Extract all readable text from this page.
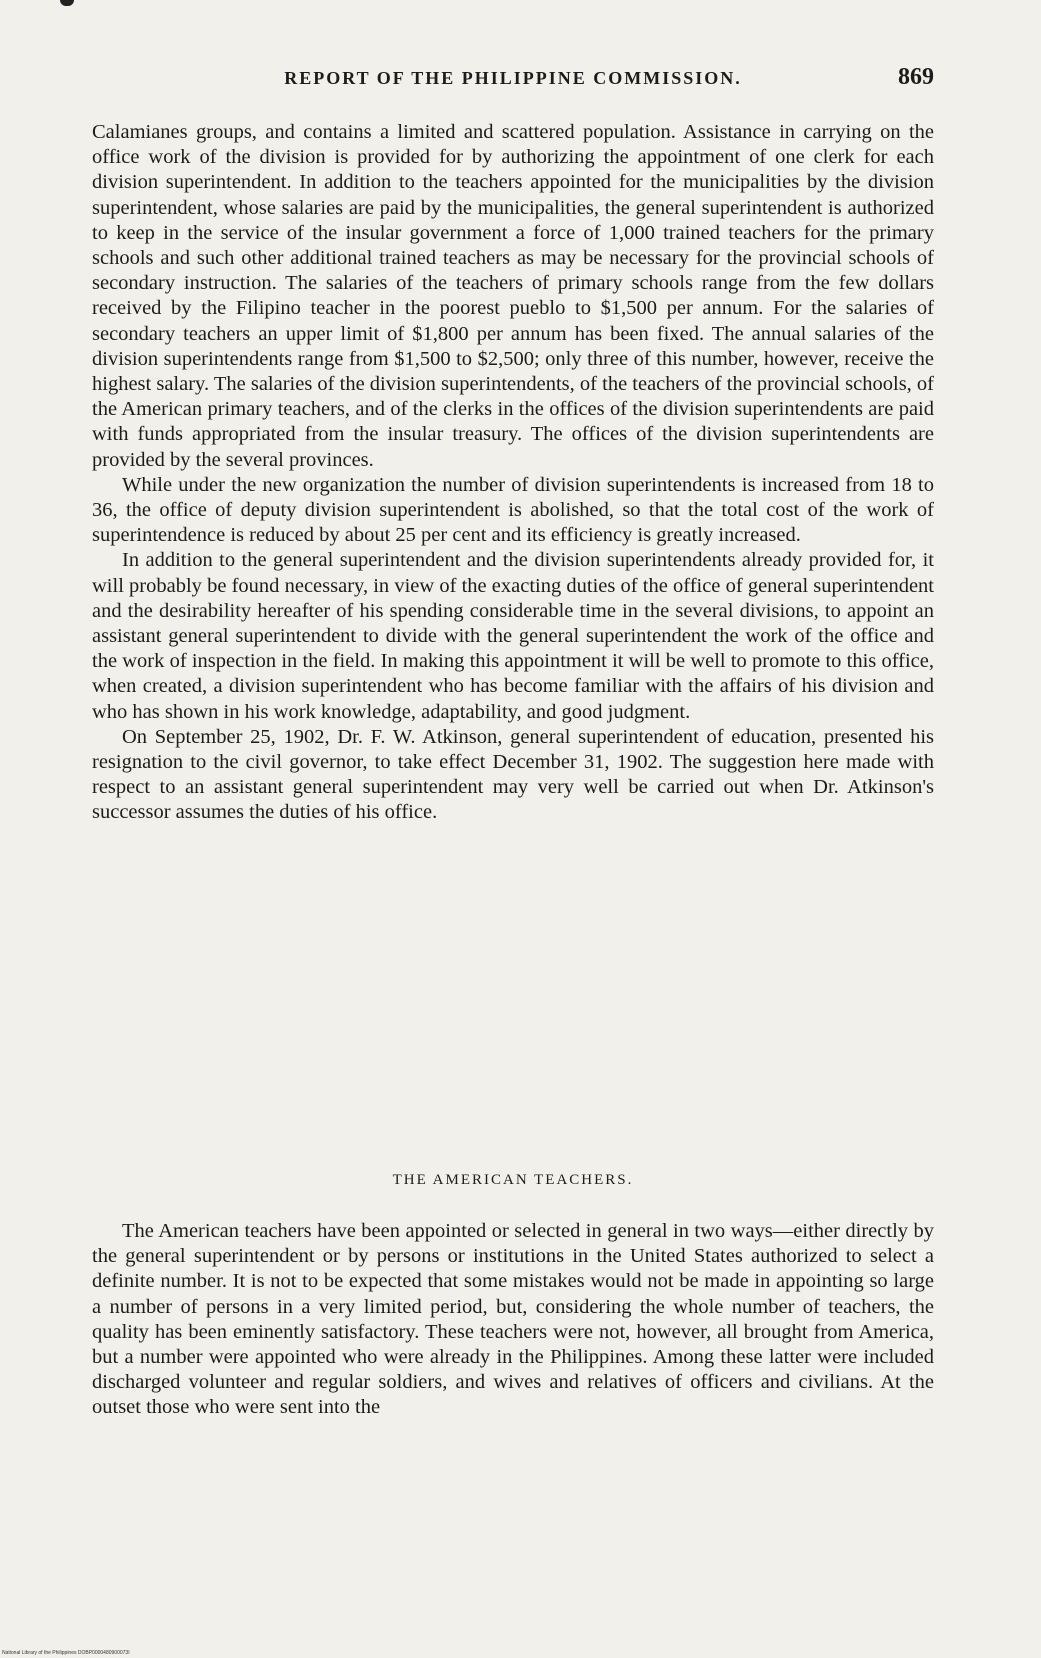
REPORT OF THE PHILIPPINE COMMISSION.	869

Calamianes groups, and contains a limited and scattered population. Assistance in carrying on the office work of the division is provided for by authorizing the appointment of one clerk for each division superintendent. In addition to the teachers appointed for the municipalities by the division superintendent, whose salaries are paid by the municipalities, the general superintendent is authorized to keep in the service of the insular government a force of 1,000 trained teachers for the primary schools and such other additional trained teachers as may be necessary for the provincial schools of secondary instruction. The salaries of the teachers of primary schools range from the few dollars received by the Filipino teacher in the poorest pueblo to $1,500 per annum. For the salaries of secondary teachers an upper limit of $1,800 per annum has been fixed. The annual salaries of the division superintendents range from $1,500 to $2,500; only three of this number, however, receive the highest salary. The salaries of the division superintendents, of the teachers of the provincial schools, of the American primary teachers, and of the clerks in the offices of the division superintendents are paid with funds appropriated from the insular treasury. The offices of the division superintendents are provided by the several provinces.

While under the new organization the number of division superintendents is increased from 18 to 36, the office of deputy division superintendent is abolished, so that the total cost of the work of superintendence is reduced by about 25 per cent and its efficiency is greatly increased.

In addition to the general superintendent and the division superintendents already provided for, it will probably be found necessary, in view of the exacting duties of the office of general superintendent and the desirability hereafter of his spending considerable time in the several divisions, to appoint an assistant general superintendent to divide with the general superintendent the work of the office and the work of inspection in the field. In making this appointment it will be well to promote to this office, when created, a division superintendent who has become familiar with the affairs of his division and who has shown in his work knowledge, adaptability, and good judgment.

On September 25, 1902, Dr. F. W. Atkinson, general superintendent of education, presented his resignation to the civil governor, to take effect December 31, 1902. The suggestion here made with respect to an assistant general superintendent may very well be carried out when Dr. Atkinson's successor assumes the duties of his office.

THE AMERICAN TEACHERS.

The American teachers have been appointed or selected in general in two ways—either directly by the general superintendent or by persons or institutions in the United States authorized to select a definite number. It is not to be expected that some mistakes would not be made in appointing so large a number of persons in a very limited period, but, considering the whole number of teachers, the quality has been eminently satisfactory. These teachers were not, however, all brought from America, but a number were appointed who were already in the Philippines. Among these latter were included discharged volunteer and regular soldiers, and wives and relatives of officers and civilians. At the outset those who were sent into the

National Library of the Philippines DOBP0000480900073I
